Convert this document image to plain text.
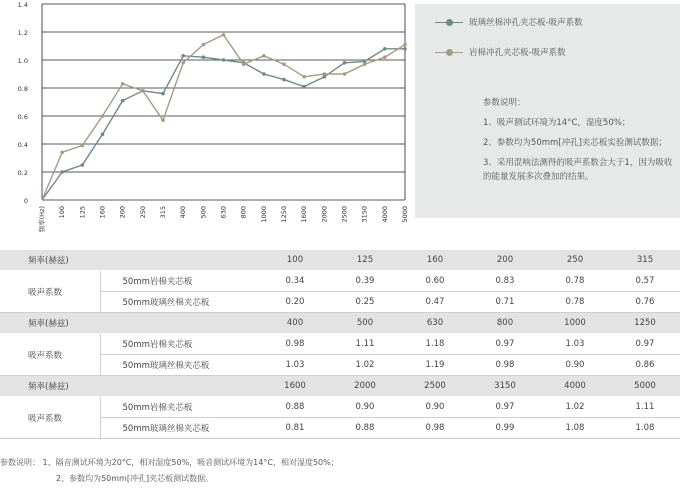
0
0.2
0.4
0.6
0.8
1.0
1.2
1.4
频率(Hz) 100 125 160 200 250 315 400 500 630 800 1000 1250 1600 2000 2500 3150 4000 5000
玻璃丝棉冲孔夹芯板-吸声系数
岩棉冲孔夹芯板-吸声系数
参数说明：
1、吸声测试环境为14°C，湿度50%；
2、参数均为50mm[冲孔]夹芯板实验测试数据；
3、采用混响法测得的吸声系数会大于1，因为吸收的能量发展多次叠加的结果。
频率(赫兹)		100	125	160	200	250	315
吸声系数	50mm岩棉夹芯板	0.34	0.39	0.60	0.83	0.78	0.57
	50mm玻璃丝棉夹芯板	0.20	0.25	0.47	0.71	0.78	0.76
频率(赫兹)		400	500	630	800	1000	1250
吸声系数	50mm岩棉夹芯板	0.98	1.11	1.18	0.97	1.03	0.97
	50mm玻璃丝棉夹芯板	1.03	1.02	1.19	0.98	0.90	0.86
频率(赫兹)		1600	2000	2500	3150	4000	5000
吸声系数	50mm岩棉夹芯板	0.88	0.90	0.90	0.97	1.02	1.11
	50mm玻璃丝棉夹芯板	0.81	0.88	0.98	0.99	1.08	1.08
参数说明： 1、隔音测试环境为20°C，相对湿度50%，吸音测试环境为14°C，相对湿度50%；
2、参数均为50mm[冲孔]夹芯板测试数据。
